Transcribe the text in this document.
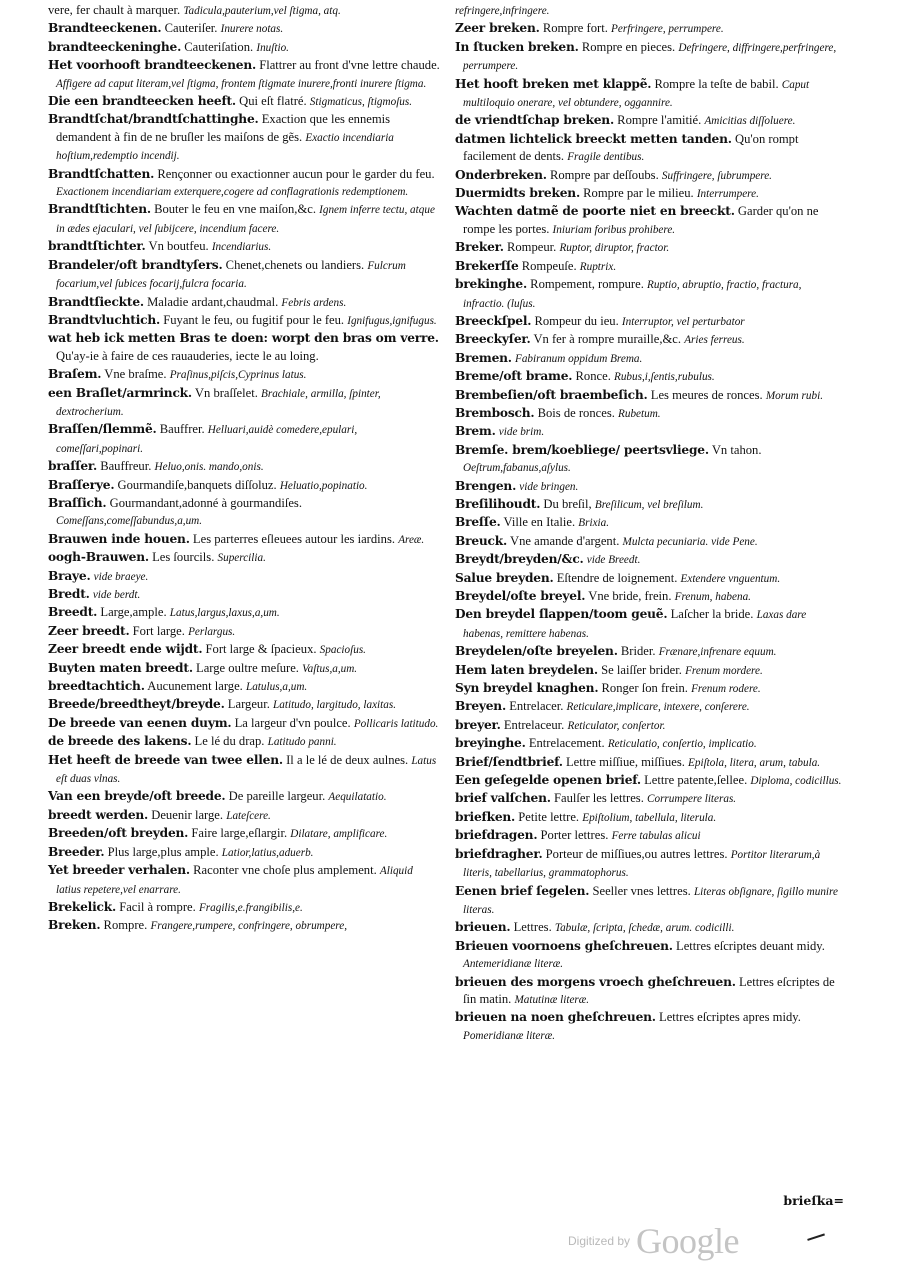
vere, fer chault à marquer. Tadicula,pauterium,vel ſtigma, atq.

Brandteeckenen. Cauteriſer. Inurere notas.

brandteeckeninghe. Cauteriſation. Inuſtio.

Het voorhooft brandteeckenen. Flattrer au front d'vne lettre chaude. Affigere ad caput literam,vel ſtigma, frontem ſtigmate inurere,fronti inurere ſtigma.

Die een brandteecken heeft. Qui eſt flatré. Stigmaticus, ſtigmoſus.

Brandtſchat/brandtſchattinghe. Exaction que les ennemis demandent à fin de ne bruſler les maiſons de gẽs. Exactio incendiaria hoſtium,redemptio incendij.

Brandtſchatten. Rençonner ou exactionner aucun pour le garder du feu. Exactionem incendiariam exterquere,cogere ad conflagrationis redemptionem.

Brandtſtichten. Bouter le feu en vne maiſon,&c. Ignem inferre tectu, atque in ædes ejaculari, vel ſubijcere, incendium facere.

brandtſtichter. Vn boutfeu. Incendiarius.

Brandeler/oft brandtyſers. Chenet,chenets ou landiers. Fulcrum focarium,vel ſubices focarij,fulcra focaria.

Brandtſieckte. Maladie ardant,chaudmal. Febris ardens.

Brandtvluchtich. Fuyant le feu, ou fugitif pour le feu. Ignifugus,ignifugus.

wat heb ick metten Bras te doen: worpt den bras om verre. Qu'ay-ie à faire de ces rauauderies, iecte le au loing.

Braſem. Vne braſme. Praſinus,piſcis,Cyprinus latus.

een Braſlet/armrinck. Vn braſſelet. Brachiale, armilla, ſpinter, dextrocherium.

Braſſen/ſlemmẽ. Bauffrer. Helluari,auidè comedere,epulari, comeſſari,popinari.

braſſer. Bauffreur. Heluo,onis. mando,onis.

Braſſerye. Gourmandiſe,banquets diſſoluz. Heluatio,popinatio.

Braſſich. Gourmandant,adonné à gourmandiſes. Comeſſans,comeſſabundus,a,um.

Brauwen inde houen. Les parterres eſleuees autour les iardins. Areæ.

oogh-Brauwen. Les ſourcils. Supercilia.

Braye. vide braeye.

Bredt. vide berdt.

Breedt. Large,ample. Latus,largus,laxus,a,um.

Zeer breedt. Fort large. Perlargus.

Zeer breedt ende wijdt. Fort large & ſpacieux. Spacioſus.

Buyten maten breedt. Large oultre meſure. Vaſtus,a,um.

breedtachtich. Aucunement large. Latulus,a,um.

Breede/breedtheyt/breyde. Largeur. Latitudo, largitudo, laxitas.

De breede van eenen duym. La largeur d'vn poulce. Pollicaris latitudo.

de breede des lakens. Le lé du drap. Latitudo panni.

Het heeft de breede van twee ellen. Il a le lé de deux aulnes. Latus eſt duas vlnas.

Van een breyde/oft breede. De pareille largeur. Aequilatatio.

breedt werden. Deuenir large. Lateſcere.

Breeden/oft breyden. Faire large,eſlargir. Dilatare, amplificare.

Breeder. Plus large,plus ample. Latior,latius,aduerb.

Yet breeder verhalen. Raconter vne choſe plus amplement. Aliquid latius repetere,vel enarrare.

Brekelick. Facil à rompre. Fragilis,e.frangibilis,e.

Breken. Rompre. Frangere,rumpere, confringere, obrumpere,

refringere,infringere.

Zeer breken. Rompre fort. Perfringere, perrumpere.

In ſtucken breken. Rompre en pieces. Defringere, diffringere,perfringere, perrumpere.

Het hooft breken met klappẽ. Rompre la teſte de babil. Caput multiloquio onerare, vel obtundere, oggannire.

de vriendtſchap breken. Rompre l'amitié. Amicitias diſſoluere.

datmen lichtelick breeckt metten tanden. Qu'on rompt facilement de dents. Fragile dentibus.

Onderbreken. Rompre par deſſoubs. Suffringere, ſubrumpere.

Duermidts breken. Rompre par le milieu. Interrumpere.

Wachten datmẽ de poorte niet en breeckt. Garder qu'on ne rompe les portes. Iniuriam foribus prohibere.

Breker. Rompeur. Ruptor, diruptor, fractor.

Brekerſſe Rompeuſe. Ruptrix.

brekinghe. Rompement, rompure. Ruptio, abruptio, fractio, fractura, infractio. (luſus.

Breeckſpel. Rompeur du ieu. Interruptor, vel perturbator

Breeckyſer. Vn fer à rompre muraille,&c. Aries ferreus.

Bremen. Fabiranum oppidum Brema.

Breme/oft brame. Ronce. Rubus,i,ſentis,rubulus.

Brembeſien/oft braembeſich. Les meures de ronces. Morum rubi.

Brembosch. Bois de ronces. Rubetum.

Brem. vide brim.

Bremſe. brem/koebliege/ peertsvliege. Vn tahon. Oeſtrum,fabanus,aſylus.

Brengen. vide bringen.

Breſilihoudt. Du breſil, Breſilicum, vel breſilum.

Breſſe. Ville en Italie. Brixia.

Breuck. Vne amande d'argent. Mulcta pecuniaria. vide Pene.

Breydt/breyden/&c. vide Breedt.

Salue breyden. Eſtendre de loignement. Extendere vnguentum.

Breydel/oſte breyel. Vne bride, frein. Frenum, habena.

Den breydel ſlappen/toom geuẽ. Laſcher la bride. Laxas dare habenas, remittere habenas.

Breydelen/oſte breyelen. Brider. Frænare,infrenare equum.

Hem laten breydelen. Se laiſſer brider. Frenum mordere.

Syn breydel knaghen. Ronger ſon frein. Frenum rodere.

Breyen. Entrelacer. Reticulare,implicare, intexere, conſerere.

breyer. Entrelaceur. Reticulator, conſertor.

breyinghe. Entrelacement. Reticulatio, conſertio, implicatio.

Brief/ſendtbrief. Lettre miſſiue, miſſiues. Epiſtola, litera, arum, tabula.

Een geſegelde openen brief. Lettre patente,ſellee. Diploma, codicillus.

brief valſchen. Faulſer les lettres. Corrumpere literas.

briefken. Petite lettre. Epiſtolium, tabellula, literula.

briefdragen. Porter lettres. Ferre tabulas alicui

briefdragher. Porteur de miſſiues,ou autres lettres. Portitor literarum,à literis, tabellarius, grammatophorus.

Eenen brief ſegelen. Seeller vnes lettres. Literas obſignare, ſigillo munire literas.

brieuen. Lettres. Tabulæ, ſcripta, ſchedæ, arum. codicilli.

Brieuen voornoens gheſchreuen. Lettres eſcriptes deuant midy. Antemeridianæ literæ.

brieuen des morgens vroech gheſchreuen. Lettres eſcriptes de ſin matin. Matutinæ literæ.

brieuen na noen gheſchreuen. Lettres eſcriptes apres midy. Pomeridianæ literæ.

brieſka=
Digitized by Google
